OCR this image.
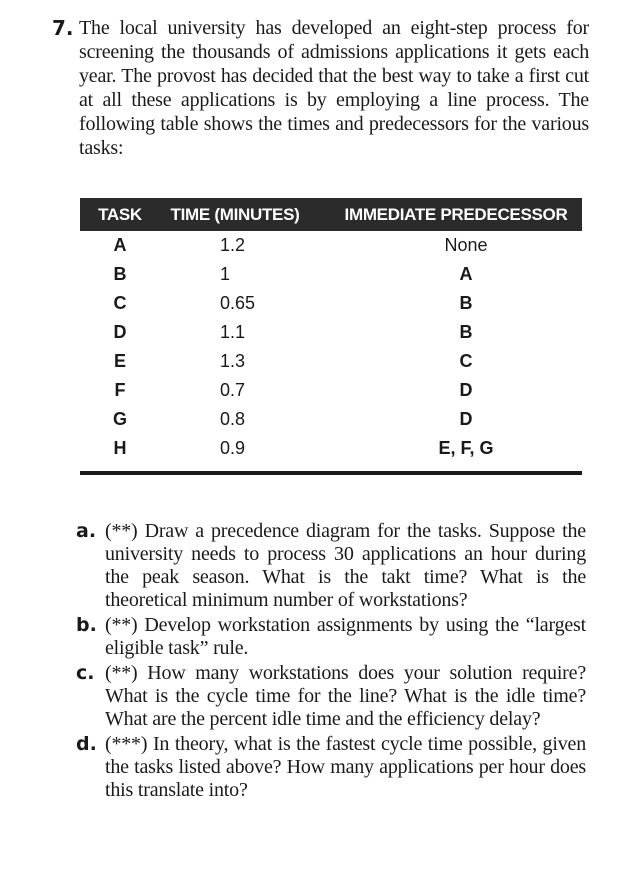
7. The local university has developed an eight-step process for screening the thousands of admissions applications it gets each year. The provost has decided that the best way to take a first cut at all these applications is by employing a line process. The following table shows the times and predecessors for the various tasks:
TASK	TIME (MINUTES)	IMMEDIATE PREDECESSOR
A	1.2	None
B	1	A
C	0.65	B
D	1.1	B
E	1.3	C
F	0.7	D
G	0.8	D
H	0.9	E, F, G
a. (**) Draw a precedence diagram for the tasks. Suppose the university needs to process 30 applications an hour during the peak season. What is the takt time? What is the theoretical minimum number of workstations?
b. (**) Develop workstation assignments by using the “largest eligible task” rule.
c. (**) How many workstations does your solution require? What is the cycle time for the line? What is the idle time? What are the percent idle time and the efficiency delay?
d. (***) In theory, what is the fastest cycle time possible, given the tasks listed above? How many applications per hour does this translate into?
